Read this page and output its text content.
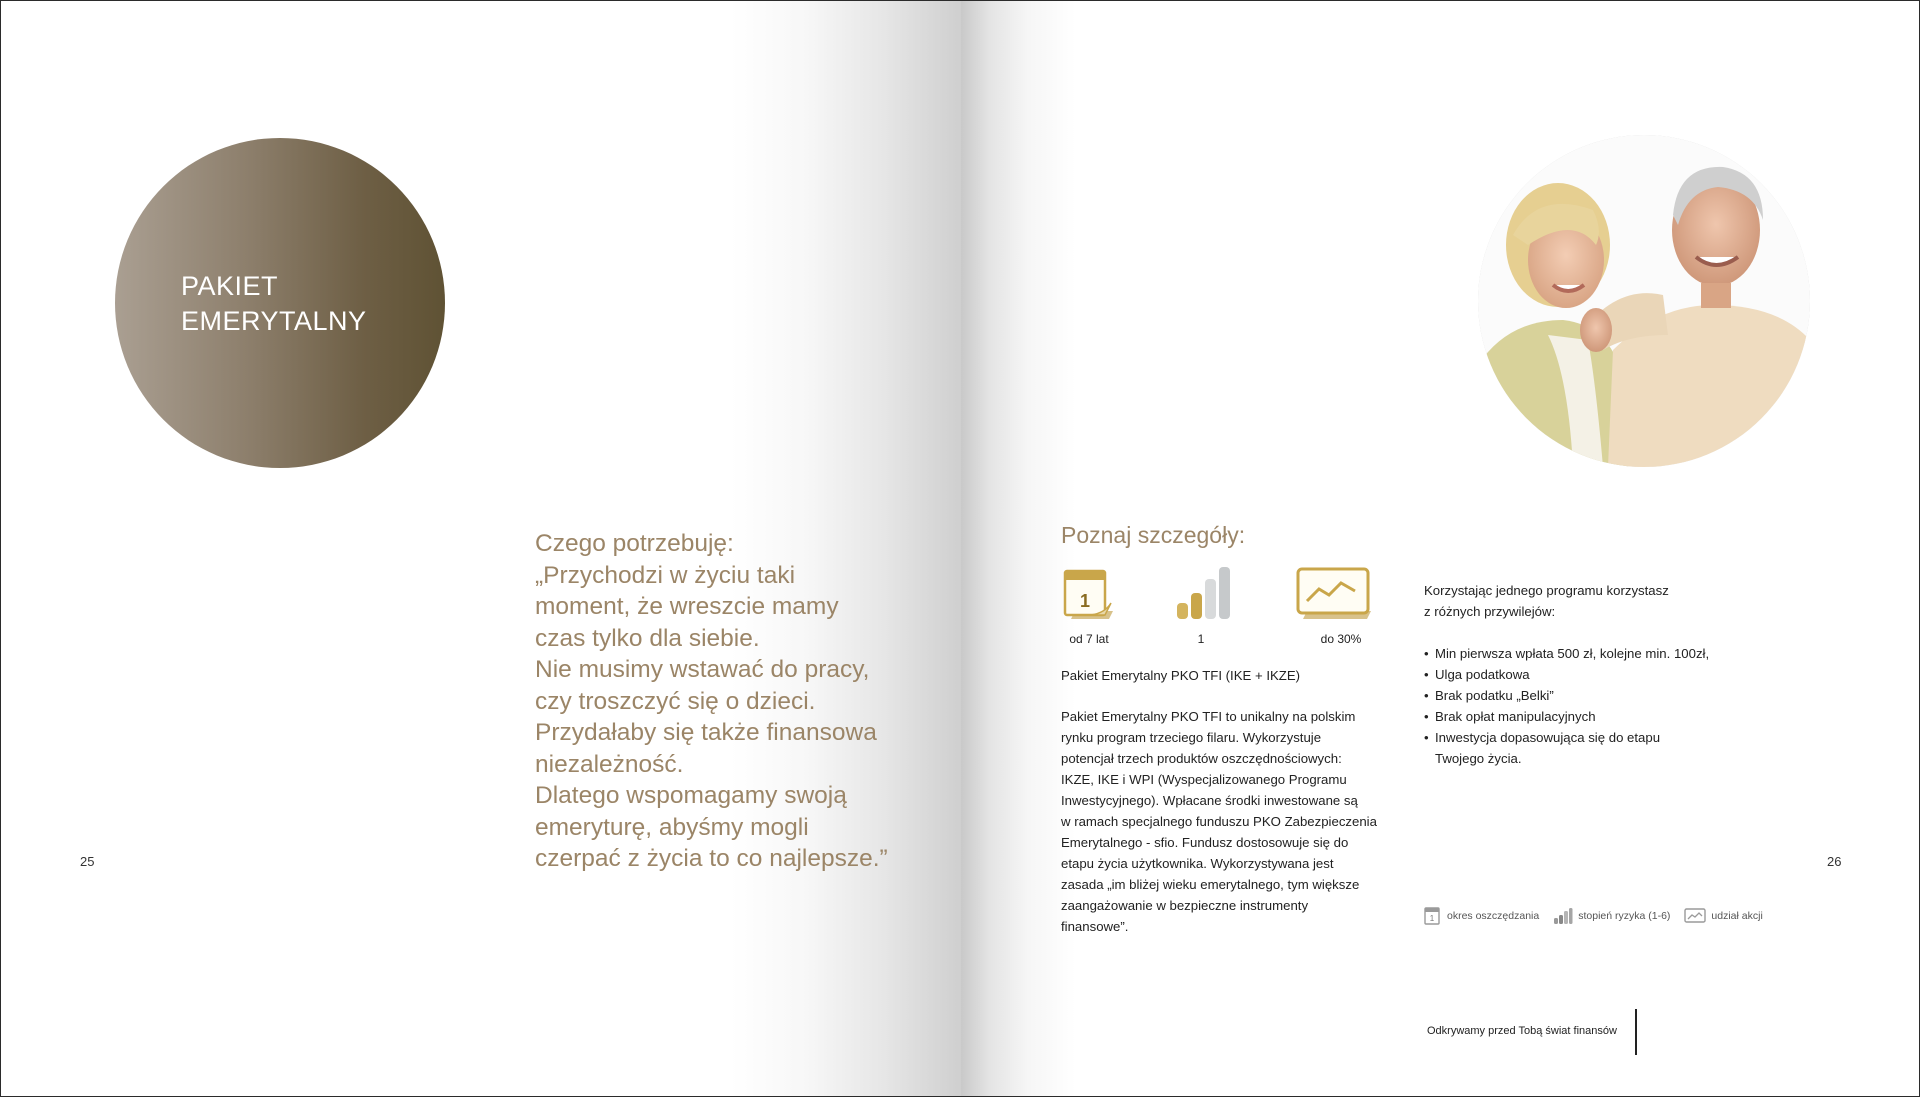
PAKIET
EMERYTALNY
Czego potrzebuję:
„Przychodzi w życiu taki
moment, że wreszcie mamy
czas tylko dla siebie.
Nie musimy wstawać do pracy,
czy troszczyć się o dzieci.
Przydałaby się także finansowa
niezależność.
Dlatego wspomagamy swoją
emeryturę, abyśmy mogli
czerpać z życia to co najlepsze.”
25
Poznaj szczegóły:
1
od 7 lat	1	do 30%
Pakiet Emerytalny PKO TFI (IKE + IKZE)

Pakiet Emerytalny PKO TFI to unikalny na polskim

rynku program trzeciego filaru. Wykorzystuje

potencjał trzech produktów oszczędnościowych:

IKZE, IKE i WPI (Wyspecjalizowanego Programu

Inwestycyjnego). Wpłacane środki inwestowane są

w ramach specjalnego funduszu PKO Zabezpieczenia

Emerytalnego - sfio. Fundusz dostosowuje się do

etapu życia użytkownika. Wykorzystywana jest

zasada „im bliżej wieku emerytalnego, tym większe

zaangażowanie w bezpieczne instrumenty

finansowe”.

Korzystając jednego programu korzystasz

z różnych przywilejów:

• Min pierwsza wpłata 500 zł, kolejne min. 100zł,
• Ulga podatkowa
• Brak podatku „Belki”
• Brak opłat manipulacyjnych
• Inwestycja dopasowująca się do etapu

Twojego życia.

1 okres oszczędzania	stopień ryzyka (1-6)	udział akcji
26
Odkrywamy przed Tobą świat finansów
